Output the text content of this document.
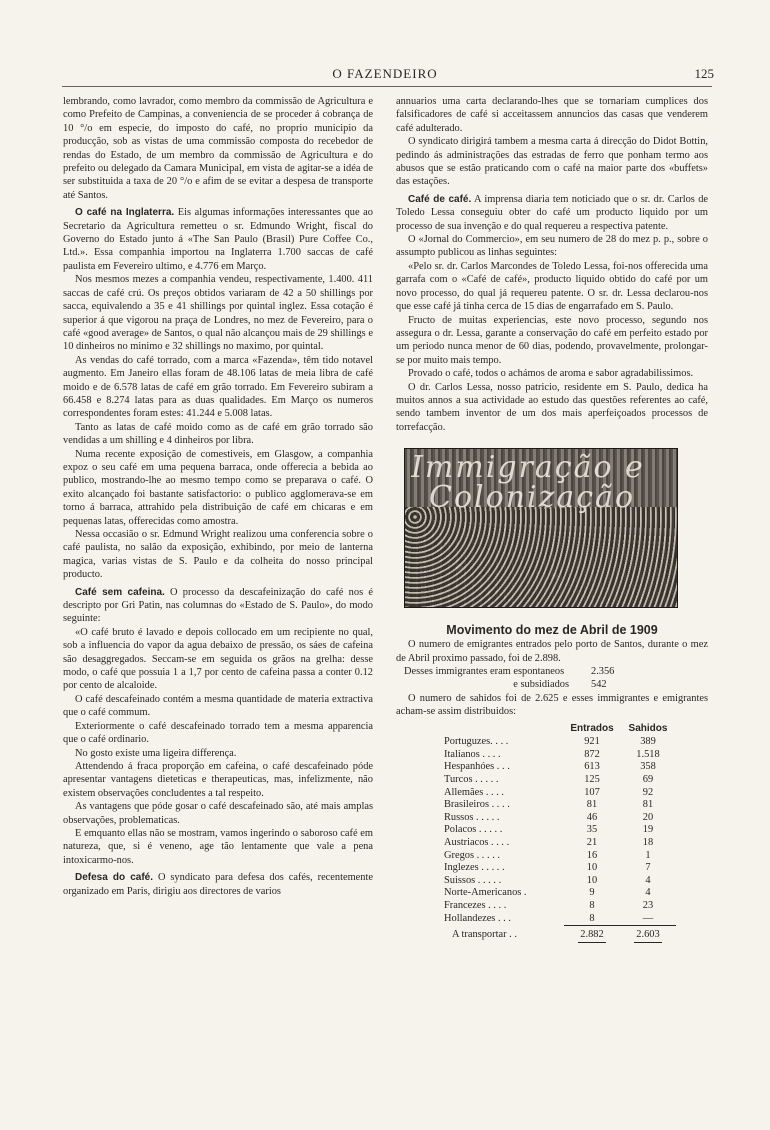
O FAZENDEIRO	125

lembrando, como lavrador, como membro da commissão de Agricultura e como Prefeito de Campinas, a conveniencia de se proceder á cobrança de 10 °/o em especie, do imposto do café, no proprio municipio da producção, sob as vistas de uma commissão composta do recebedor de rendas do Estado, de um membro da commissão de Agricultura e do prefeito ou delegado da Camara Municipal, em vista de agitar-se a idéa de ser substituida a taxa de 20 °/o e afim de se evitar a despesa de transporte até Santos.

O café na Inglaterra. Eis algumas informações interessantes que ao Secretario da Agricultura remetteu o sr. Edmundo Wright, fiscal do Governo do Estado junto á «The San Paulo (Brasil) Pure Coffee Co., Ltd.». Essa companhia importou na Inglaterra 1.700 saccas de café paulista em Fevereiro ultimo, e 4.776 em Março.

Nos mesmos mezes a companhia vendeu, respectivamente, 1.400. 411 saccas de café crú. Os preços obtidos variaram de 42 a 50 shillings por sacca, equivalendo a 35 e 41 shillings por quintal inglez. Essa cotação é superior á que vigorou na praça de Londres, no mez de Fevereiro, para o café «good average» de Santos, o qual não alcançou mais de 29 shillings e 10 dinheiros no minimo e 32 shillings no maximo, por quintal.

As vendas do café torrado, com a marca «Fazenda», têm tido notavel augmento. Em Janeiro ellas foram de 48.106 latas de meia libra de café moido e de 6.578 latas de café em grão torrado. Em Fevereiro subiram a 66.458 e 8.274 latas para as duas qualidades. Em Março os numeros correspondentes foram estes: 41.244 e 5.008 latas.

Tanto as latas de café moido como as de café em grão torrado são vendidas a um shilling e 4 dinheiros por libra.

Numa recente exposição de comestiveis, em Glasgow, a companhia expoz o seu café em uma pequena barraca, onde offerecia a bebida ao publico, mostrando-lhe ao mesmo tempo como se preparava o café. O exito alcançado foi bastante satisfactorio: o publico agglomerava-se em torno á barraca, attrahido pela distribuição de café em chicaras e em pequenas latas, offerecidas como amostra.

Nessa occasião o sr. Edmund Wright realizou uma conferencia sobre o café paulista, no salão da exposição, exhibindo, por meio de lanterna magica, varias vistas de S. Paulo e da colheita do nosso principal producto.

Café sem cafeina. O processo da descafeinização do café nos é descripto por Gri Patin, nas columnas do «Estado de S. Paulo», do modo seguinte:

«O café bruto é lavado e depois collocado em um recipiente no qual, sob a influencia do vapor da agua debaixo de pressão, os sáes de cafeina são desaggregados. Seccam-se em seguida os grãos na grelha: desse modo, o café que possuia 1 a 1,7 por cento de cafeina passa a conter 0.12 por cento de alcaloide.

O café descafeinado contém a mesma quantidade de materia extractiva que o café commum.

Exteriormente o café descafeinado torrado tem a mesma apparencia que o café ordinario.

No gosto existe uma ligeira differença.

Attendendo á fraca proporção em cafeina, o café descafeinado póde apresentar vantagens dieteticas e therapeuticas, mas, infelizmente, não existem observações concludentes a tal respeito.

As vantagens que póde gosar o café descafeinado são, até mais amplas observações, problematicas.

E emquanto ellas não se mostram, vamos ingerindo o saboroso café em natureza, que, si é veneno, age tão lentamente que vale a pena intoxicarmo-nos.

Defesa do café. O syndicato para defesa dos cafés, recentemente organizado em Paris, dirigiu aos directores de varios

annuarios uma carta declarando-lhes que se tornariam cumplices dos falsificadores de café si acceitassem annuncios das casas que venderem café adulterado.

O syndicato dirigirá tambem a mesma carta á direcção do Didot Bottin, pedindo ás administrações das estradas de ferro que ponham termo aos abusos que se estão praticando com o café na maior parte dos «buffets» das estações.

Café de café. A imprensa diaria tem noticiado que o sr. dr. Carlos de Toledo Lessa conseguiu obter do café um producto liquido por um processo de sua invenção e do qual requereu a respectiva patente.

O «Jornal do Commercio», em seu numero de 28 do mez p. p., sobre o assumpto publicou as linhas seguintes:

«Pelo sr. dr. Carlos Marcondes de Toledo Lessa, foi-nos offerecida uma garrafa com o «Café de café», producto liquido obtido do café por um novo processo, do qual já requereu patente. O sr. dr. Lessa declarou-nos que esse café já tinha cerca de 15 dias de engarrafado em S. Paulo.

Fructo de muitas experiencias, este novo processo, segundo nos assegura o dr. Lessa, garante a conservação do café em perfeito estado por um periodo nunca menor de 60 dias, podendo, provavelmente, prolongar-se por muito mais tempo.

Provado o café, todos o achámos de aroma e sabor agradabilissimos.

O dr. Carlos Lessa, nosso patricio, residente em S. Paulo, dedica ha muitos annos a sua actividade ao estudo das questões referentes ao café, sendo tambem inventor de um dos mais aperfeiçoados processos de torrefacção.

Immigração e
Colonização
Movimento do mez de Abril de 1909

O numero de emigrantes entrados pelo porto de Santos, durante o mez de Abril proximo passado, foi de 2.898.

Desses immigrantes eram espontaneos	2.356
e subsidiados	542

O numero de sahidos foi de 2.625 e esses immigrantes e emigrantes acham-se assim distribuidos:

	Entrados	Sahidos
Portuguzes. . . .	921	389
Italianos . . . .	872	1.518
Hespanhóes . . .	613	358
Turcos . . . . .	125	69
Allemães . . . .	107	92
Brasileiros . . . .	81	81
Russos . . . . .	46	20
Polacos . . . . .	35	19
Austriacos . . . .	21	18
Gregos . . . . .	16	1
Inglezes . . . . .	10	7
Suissos . . . . .	10	4
Norte-Americanos .	9	4
Francezes . . . .	8	23
Hollandezes . . .	8	—
A transportar . .	2.882	2.603
